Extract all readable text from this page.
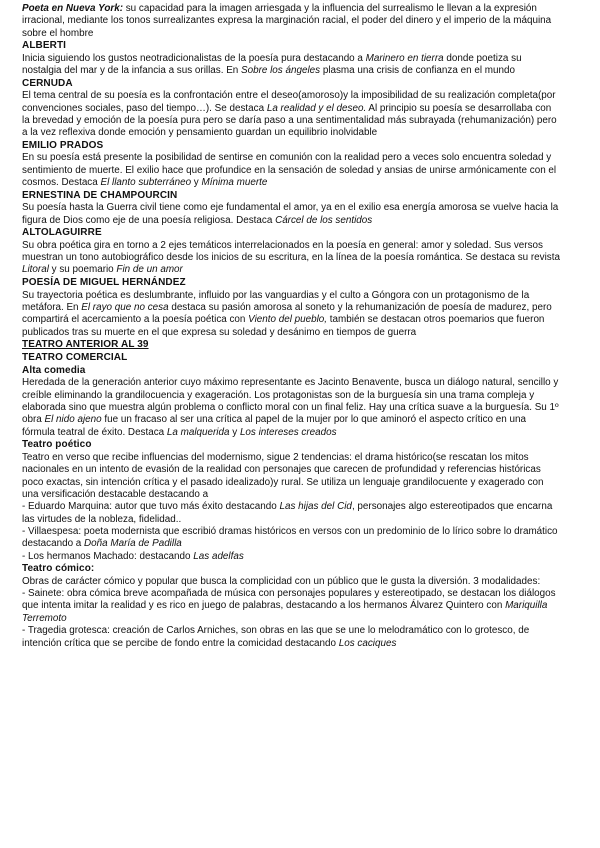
Poeta en Nueva York: su capacidad para la imagen arriesgada y la influencia del surrealismo le llevan a la expresión irracional, mediante los tonos surrealizantes expresa la marginación racial, el poder del dinero y el imperio de la máquina sobre el hombre

ALBERTI

Inicia siguiendo los gustos neotradicionalistas de la poesía pura destacando a Marinero en tierra donde poetiza su nostalgia del mar y de la infancia a sus orillas. En Sobre los ángeles plasma una crisis de confianza en el mundo

CERNUDA

El tema central de su poesía es la confrontación entre el deseo(amoroso)y la imposibilidad de su realización completa(por convenciones sociales, paso del tiempo…). Se destaca La realidad y el deseo. Al principio su poesía se desarrollaba con la brevedad y emoción de la poesía pura pero se daría paso a una sentimentalidad más subrayada (rehumanización) pero a la vez reflexiva donde emoción y pensamiento guardan un equilibrio inolvidable

EMILIO PRADOS

En su poesía está presente la posibilidad de sentirse en comunión con la realidad pero a veces solo encuentra soledad y sentimiento de muerte. El exilio hace que profundice en la sensación de soledad y ansias de unirse armónicamente con el cosmos. Destaca El llanto subterráneo y Mínima muerte

ERNESTINA DE CHAMPOURCIN

Su poesía hasta la Guerra civil tiene como eje fundamental el amor, ya en el exilio esa energía amorosa se vuelve hacia la figura de Dios como eje de una poesía religiosa. Destaca Cárcel de los sentidos

ALTOLAGUIRRE

Su obra poética gira en torno a 2 ejes temáticos interrelacionados en la poesía en general: amor y soledad. Sus versos muestran un tono autobiográfico desde los inicios de su escritura, en la línea de la poesía romántica. Se destaca su revista Litoral y su poemario Fin de un amor

POESÍA DE MIGUEL HERNÁNDEZ

Su trayectoria poética es deslumbrante, influido por las vanguardias y el culto a Góngora con un protagonismo de la metáfora. En El rayo que no cesa destaca su pasión amorosa al soneto y la rehumanización de poesía de madurez, pero compartirá el acercamiento a la poesía poética con Viento del pueblo, también se destacan otros poemarios que fueron publicados tras su muerte en el que expresa su soledad y desánimo en tiempos de guerra

TEATRO ANTERIOR AL 39
TEATRO COMERCIAL
Alta comedia

Heredada de la generación anterior cuyo máximo representante es Jacinto Benavente, busca un diálogo natural, sencillo y creíble eliminando la grandilocuencia y exageración. Los protagonistas son de la burguesía sin una trama compleja y elaborada sino que muestra algún problema o conflicto moral con un final feliz. Hay una crítica suave a la burguesía. Su 1º obra El nido ajeno fue un fracaso al ser una crítica al papel de la mujer por lo que aminoró el aspecto crítico en una fórmula teatral de éxito. Destaca La malquerida y Los intereses creados

Teatro poético

Teatro en verso que recibe influencias del modernismo, sigue 2 tendencias: el drama histórico(se rescatan los mitos nacionales en un intento de evasión de la realidad con personajes que carecen de profundidad y referencias históricas poco exactas, sin intención crítica y el pasado idealizado)y rural. Se utiliza un lenguaje grandilocuente y exagerado con una versificación destacable destacando a

- Eduardo Marquina: autor que tuvo más éxito destacando Las hijas del Cid, personajes algo estereotipados que encarna las virtudes de la nobleza, fidelidad..

- Villaespesa: poeta modernista que escribió dramas históricos en versos con un predominio de lo lírico sobre lo dramático destacando a Doña María de Padilla

- Los hermanos Machado: destacando Las adelfas

Teatro cómico:

Obras de carácter cómico y popular que busca la complicidad con un público que le gusta la diversión. 3 modalidades:

- Sainete: obra cómica breve acompañada de música con personajes populares y estereotipado, se destacan los diálogos que intenta imitar la realidad y es rico en juego de palabras, destacando a los hermanos Álvarez Quintero con Mariquilla Terremoto

- Tragedia grotesca: creación de Carlos Arniches, son obras en las que se une lo melodramático con lo grotesco, de intención crítica que se percibe de fondo entre la comicidad destacando Los caciques
